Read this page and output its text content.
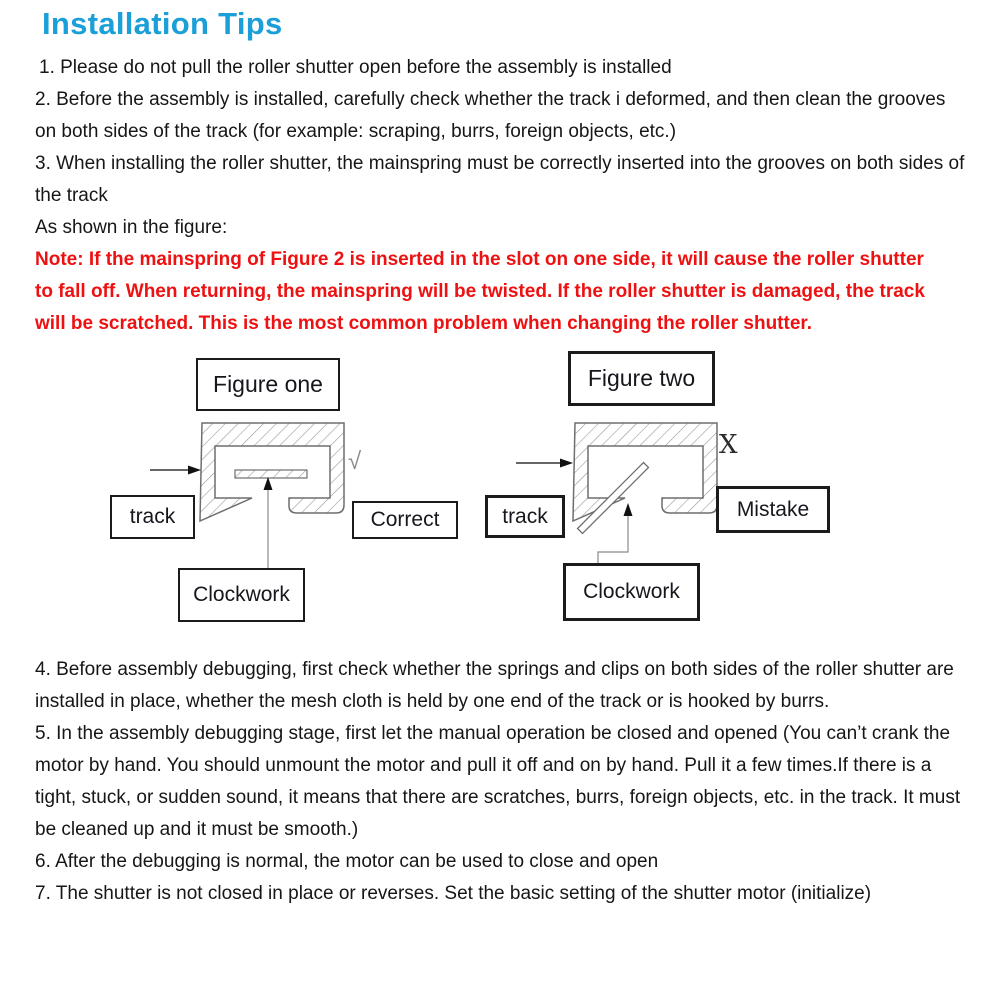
Installation Tips

1. Please do not pull the roller shutter open before the assembly is installed

2. Before the assembly is installed, carefully check whether the track i deformed, and then clean the grooves on both sides of the track (for example: scraping, burrs, foreign objects, etc.)

3. When installing the roller shutter, the mainspring must be correctly inserted into the grooves on both sides of the track

As shown in the figure:

Note: If the mainspring of Figure 2 is inserted in the slot on one side, it will cause the roller shutter to fall off. When returning, the mainspring will be twisted. If the roller shutter is damaged, the track will be scratched. This is the most common problem when changing the roller shutter.
Figure one
track	Correct
Clockwork
√
Figure two
track	Mistake
Clockwork
X

4. Before assembly debugging, first check whether the springs and clips on both sides of the roller shutter are installed in place, whether the mesh cloth is held by one end of the track or is hooked by burrs.

5. In the assembly debugging stage, first let the manual operation be closed and opened (You can’t crank the motor by hand. You should unmount the motor and pull it off and on by hand. Pull it a few times.If there is a tight, stuck, or sudden sound, it means that there are scratches, burrs, foreign objects, etc. in the track. It must be cleaned up and it must be smooth.)

6. After the debugging is normal, the motor can be used to close and open

7. The shutter is not closed in place or reverses. Set the basic setting of the shutter motor (initialize)
